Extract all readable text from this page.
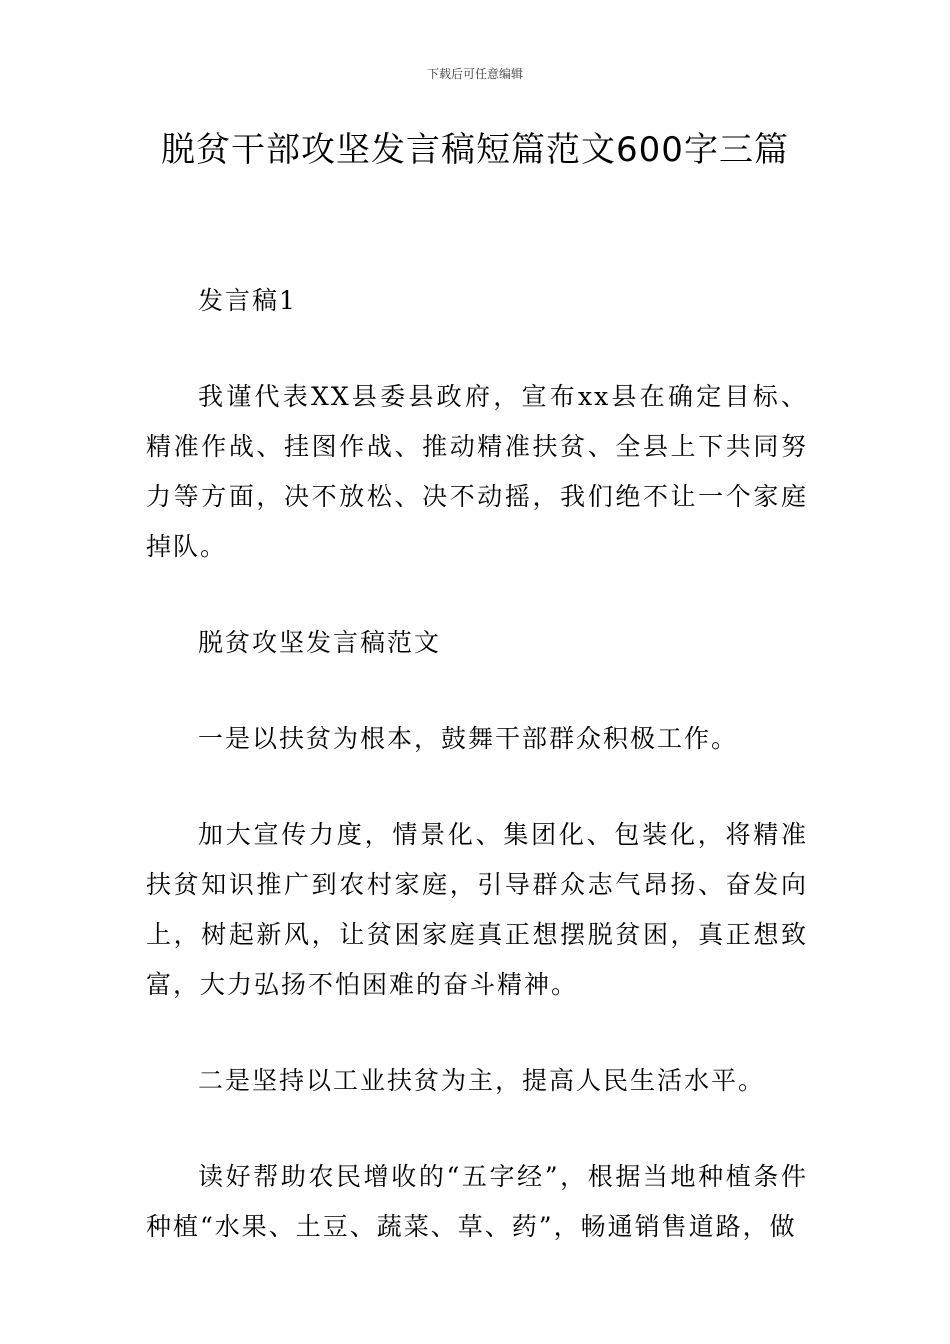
下载后可任意编辑
脱贫干部攻坚发言稿短篇范文600字三篇

发言稿1

我谨代表XX县委县政府，宣布xx县在确定目标、精准作战、挂图作战、推动精准扶贫、全县上下共同努力等方面，决不放松、决不动摇，我们绝不让一个家庭掉队。

脱贫攻坚发言稿范文

一是以扶贫为根本，鼓舞干部群众积极工作。

加大宣传力度，情景化、集团化、包装化，将精准扶贫知识推广到农村家庭，引导群众志气昂扬、奋发向上，树起新风，让贫困家庭真正想摆脱贫困，真正想致富，大力弘扬不怕困难的奋斗精神。

二是坚持以工业扶贫为主，提高人民生活水平。

读好帮助农民增收的“五字经”，根据当地种植条件种植“水果、土豆、蔬菜、草、药”，畅通销售道路，做
